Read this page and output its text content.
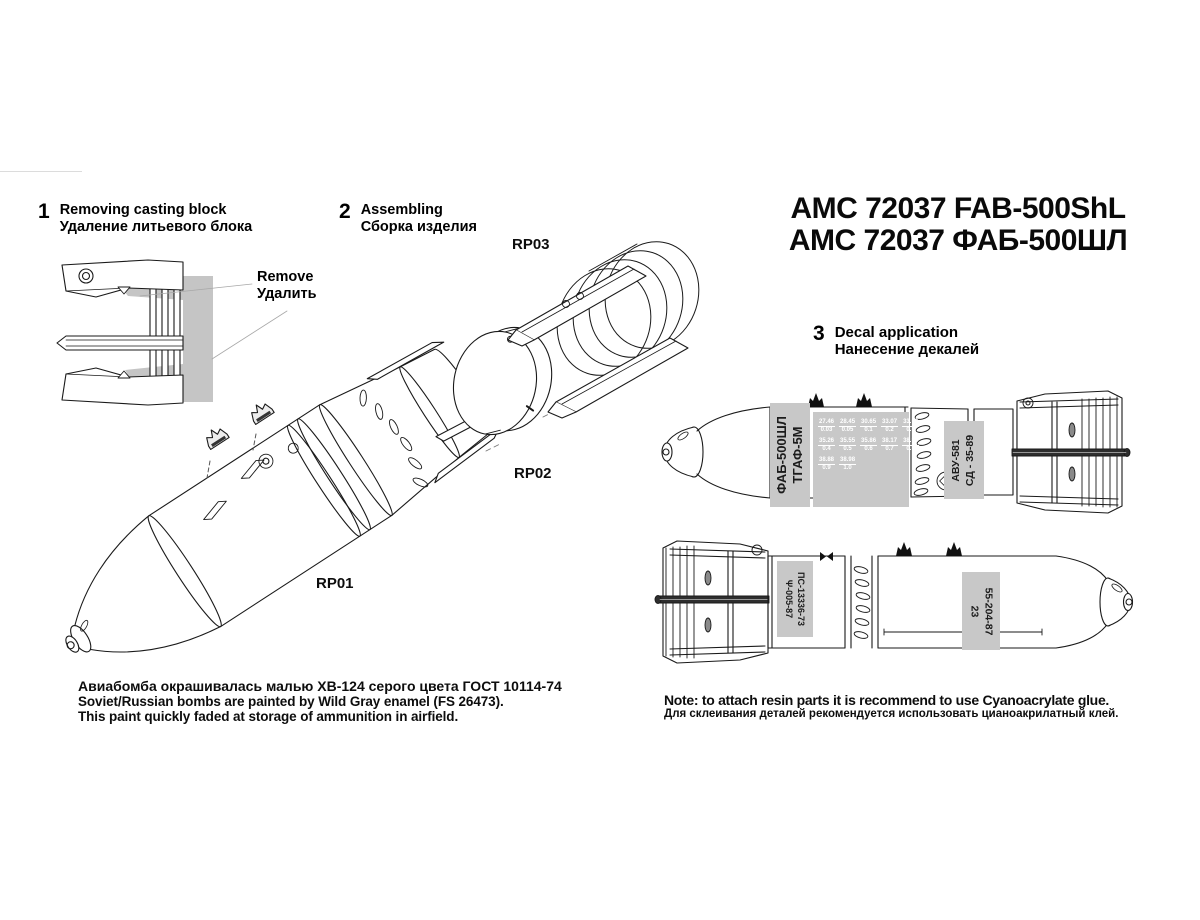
AMC 72037 FAB-500ShL
АМС 72037 ФАБ-500ШЛ
1 Removing casting block
Удаление литьевого блока
2 Assembling
Сборка изделия
3 Decal application
Нанесение декалей
Remove
Удалить
RP03
RP02
RP01
ФАБ-500ШЛ ТГАФ-5М
27.46
0.03
28.45
0.05
30.65
0.1
33.07
0.2
33.62
0.3
35.26
0.4
35.55
0.5
35.86
0.6
38.17
0.7
38.88
0.8
38.88
0.9
38.98
1.0	АВУ-581 СД - 35-89
ПС-13336-73
Ψ-005-87	55-204-87
23
Авиабомба окрашивалась малью ХВ-124 серого цвета ГОСТ 10114-74
Soviet/Russian bombs are painted by Wild Gray enamel (FS 26473).
This paint quickly faded at storage of ammunition in airfield.
Note: to attach resin parts it is recommend to use Cyanoacrylate glue.
Для склеивания деталей рекомендуется использовать цианоакрилатный клей.
